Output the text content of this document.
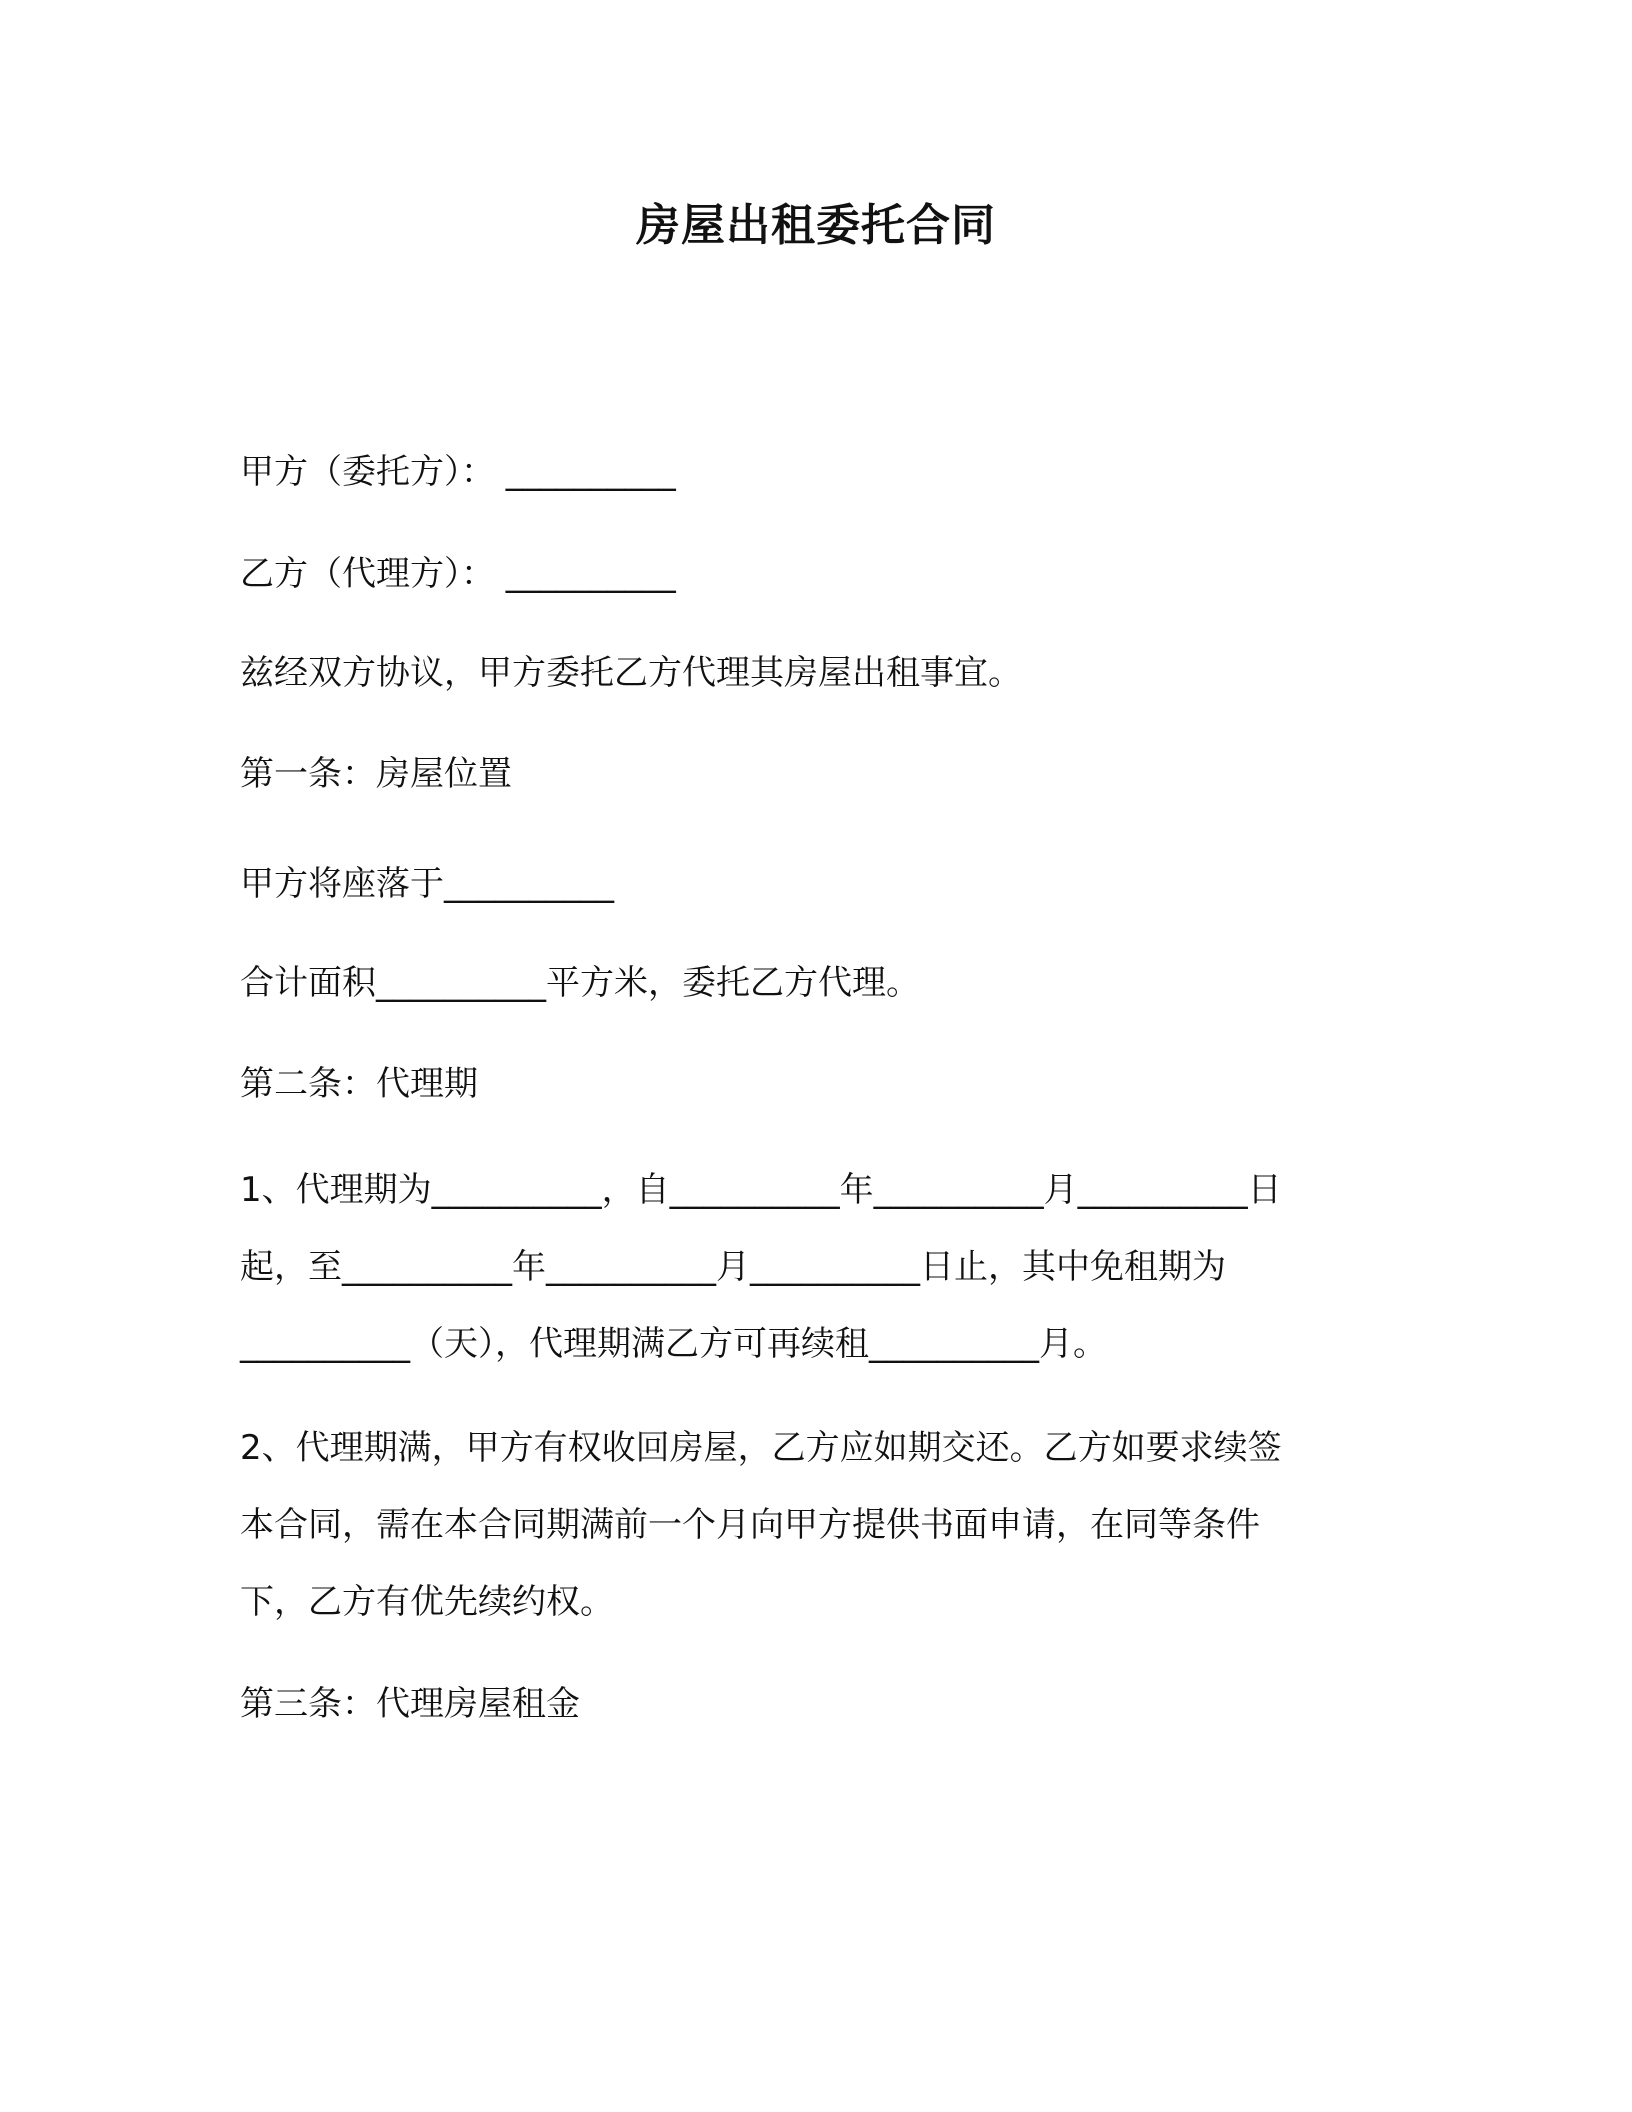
房屋出租委托合同
甲方（委托方）： __________
乙方（代理方）： __________
兹经双方协议，甲方委托乙方代理其房屋出租事宜。
第一条：房屋位置
甲方将座落于__________
合计面积__________平方米，委托乙方代理。
第二条：代理期
1、代理期为__________，自__________年__________月__________日
起，至__________年__________月__________日止，其中免租期为
__________（天），代理期满乙方可再续租__________月。
2、代理期满，甲方有权收回房屋，乙方应如期交还。乙方如要求续签
本合同，需在本合同期满前一个月向甲方提供书面申请，在同等条件
下，乙方有优先续约权。
第三条：代理房屋租金
